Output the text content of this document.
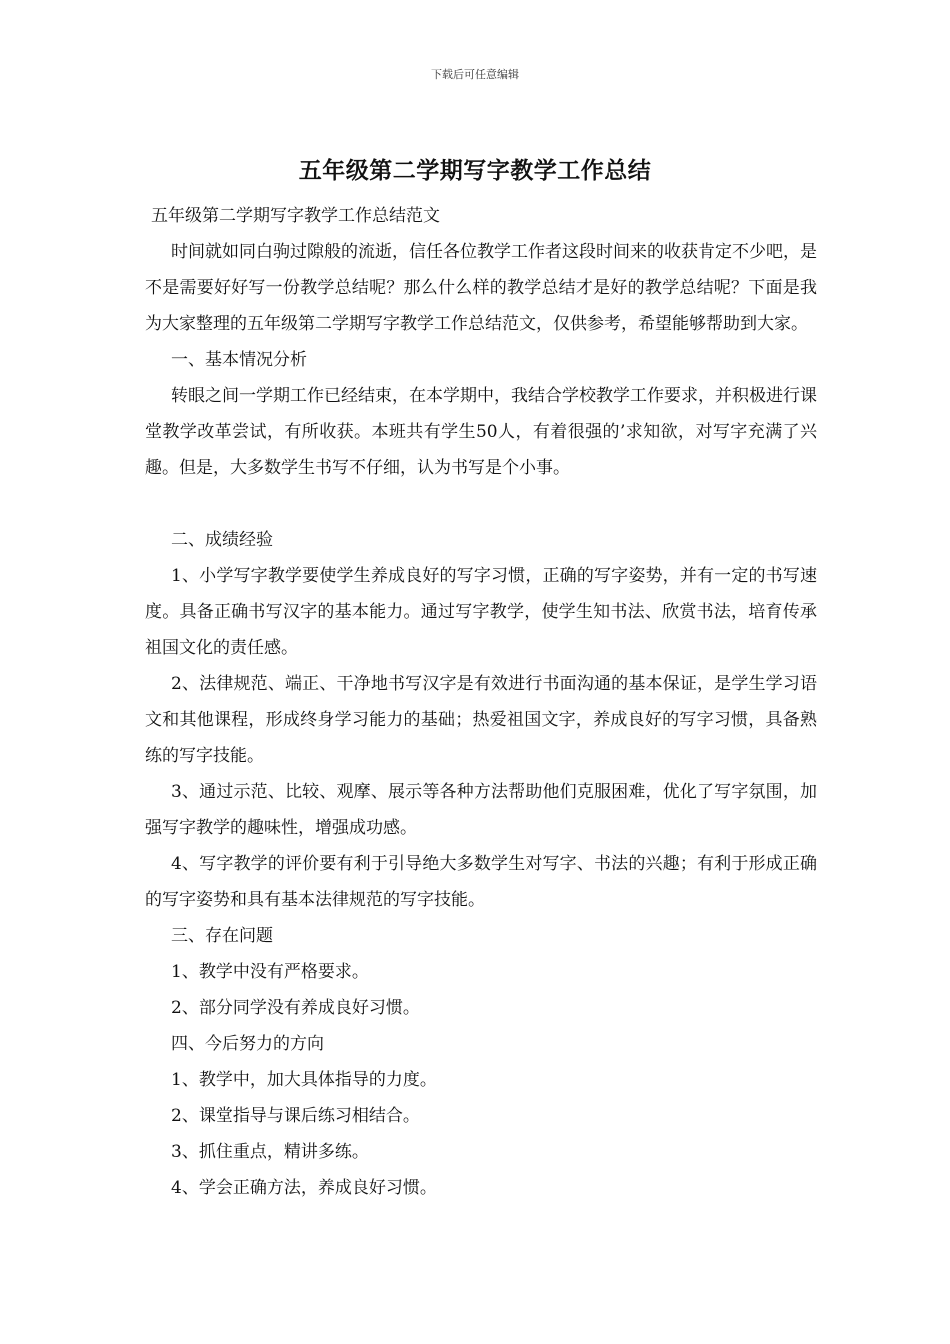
下载后可任意编辑
五年级第二学期写字教学工作总结

五年级第二学期写字教学工作总结范文

时间就如同白驹过隙般的流逝，信任各位教学工作者这段时间来的收获肯定不少吧，是不是需要好好写一份教学总结呢？那么什么样的教学总结才是好的教学总结呢？下面是我为大家整理的五年级第二学期写字教学工作总结范文，仅供参考，希望能够帮助到大家。

一、基本情况分析

转眼之间一学期工作已经结束，在本学期中，我结合学校教学工作要求，并积极进行课堂教学改革尝试，有所收获。本班共有学生50人，有着很强的’求知欲，对写字充满了兴趣。但是，大多数学生书写不仔细，认为书写是个小事。

二、成绩经验

1、小学写字教学要使学生养成良好的写字习惯，正确的写字姿势，并有一定的书写速度。具备正确书写汉字的基本能力。通过写字教学，使学生知书法、欣赏书法，培育传承祖国文化的责任感。

2、法律规范、端正、干净地书写汉字是有效进行书面沟通的基本保证，是学生学习语文和其他课程，形成终身学习能力的基础；热爱祖国文字，养成良好的写字习惯，具备熟练的写字技能。

3、通过示范、比较、观摩、展示等各种方法帮助他们克服困难，优化了写字氛围，加强写字教学的趣味性，增强成功感。

4、写字教学的评价要有利于引导绝大多数学生对写字、书法的兴趣；有利于形成正确的写字姿势和具有基本法律规范的写字技能。

三、存在问题

1、教学中没有严格要求。

2、部分同学没有养成良好习惯。

四、今后努力的方向

1、教学中，加大具体指导的力度。

2、课堂指导与课后练习相结合。

3、抓住重点，精讲多练。

4、学会正确方法，养成良好习惯。
